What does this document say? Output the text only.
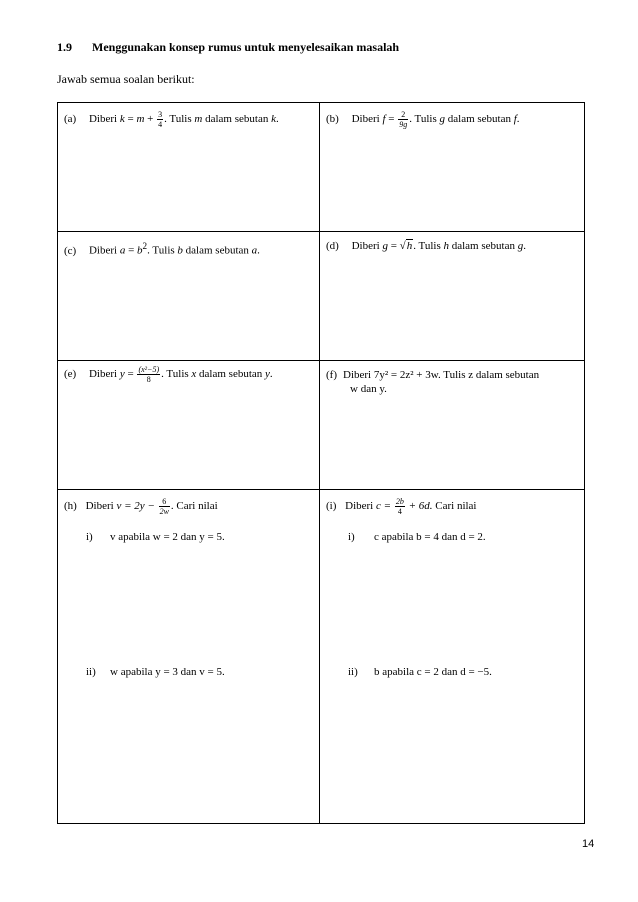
1.9 Menggunakan konsep rumus untuk menyelesaikan masalah
Jawab semua soalan berikut:
(a) Diberi $k = m + \frac{3}{4}$ . Tulis m dalam sebutan k.	(b) Diberi $f = \frac{2}{9g}$ . Tulis g dalam sebutan f.
(c) Diberi $a = b^2$. Tulis b dalam sebutan a.	(d) Diberi g = √h. Tulis h dalam sebutan g.
(e) Diberi $y = \frac{\text{(x²−5)}}{8}$ . Tulis x dalam sebutan y.	(f) Diberi 7y² = 2z² + 3w. Tulis z dalam sebutan
w dan y.
(h) Diberi $v = 2y - \frac{6}{2w}$ . Cari nilai
i) v apabila w = 2 dan y = 5.
ii) w apabila y = 3 dan v = 5.
(i) Diberi $c = \frac{2b}{4} + 6d$. Cari nilai
i) c apabila b = 4 dan d = 2.
ii) b apabila c = 2 dan d = −5.
14
